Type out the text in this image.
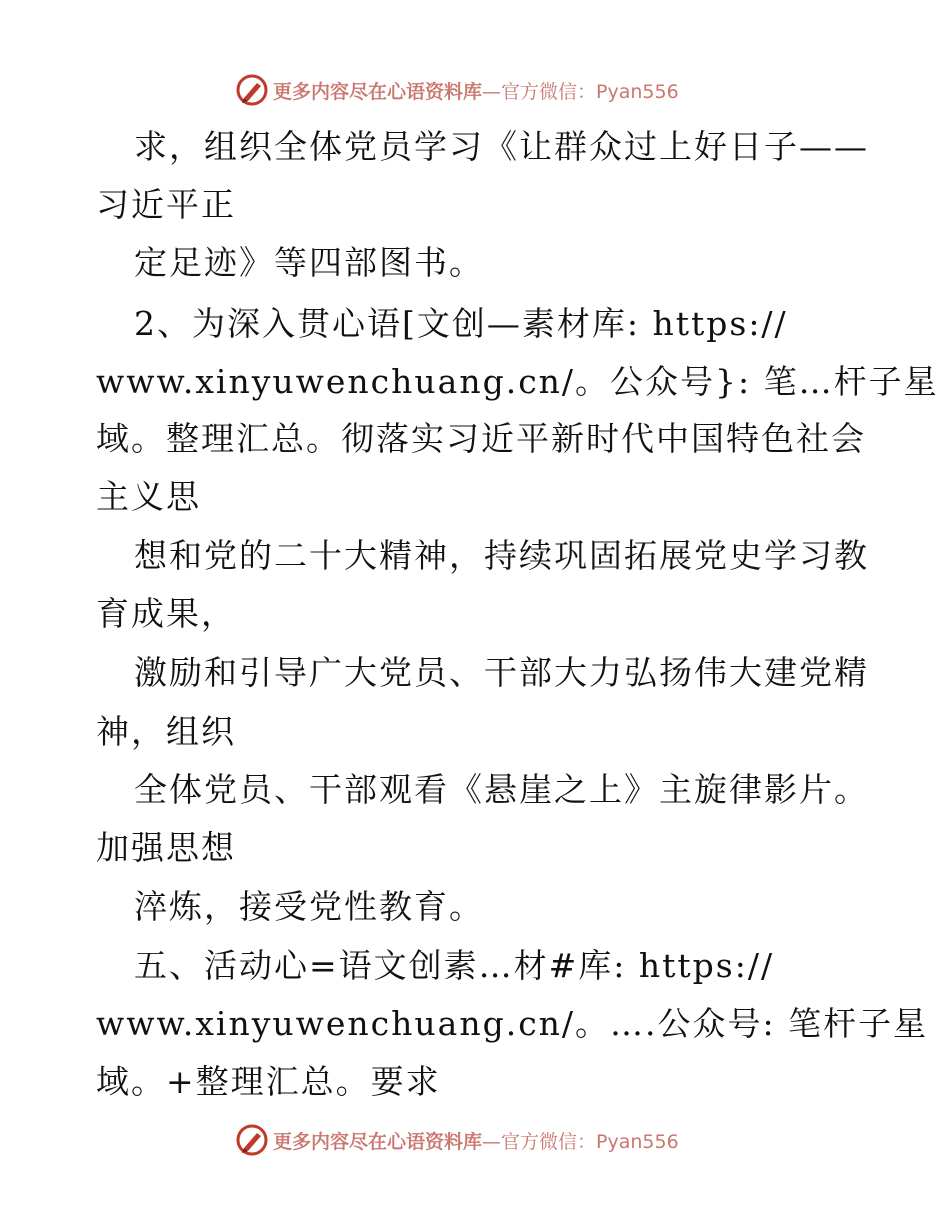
更多内容尽在心语资料库—官方微信：Pyan556
求，组织全体党员学习《让群众过上好日子——
习近平正
定足迹》等四部图书。
2、为深入贯心语[文创—素材库: https://
www.xinyuwenchuang.cn/。公众号}: 笔…杆子星
域。整理汇总。彻落实习近平新时代中国特色社会
主义思
想和党的二十大精神，持续巩固拓展党史学习教
育成果，
激励和引导广大党员、干部大力弘扬伟大建党精
神，组织
全体党员、干部观看《悬崖之上》主旋律影片。
加强思想
淬炼，接受党性教育。
五、活动心=语文创素…材#库: https://
www.xinyuwenchuang.cn/。….公众号: 笔杆子星
域。+整理汇总。要求
更多内容尽在心语资料库—官方微信：Pyan556
